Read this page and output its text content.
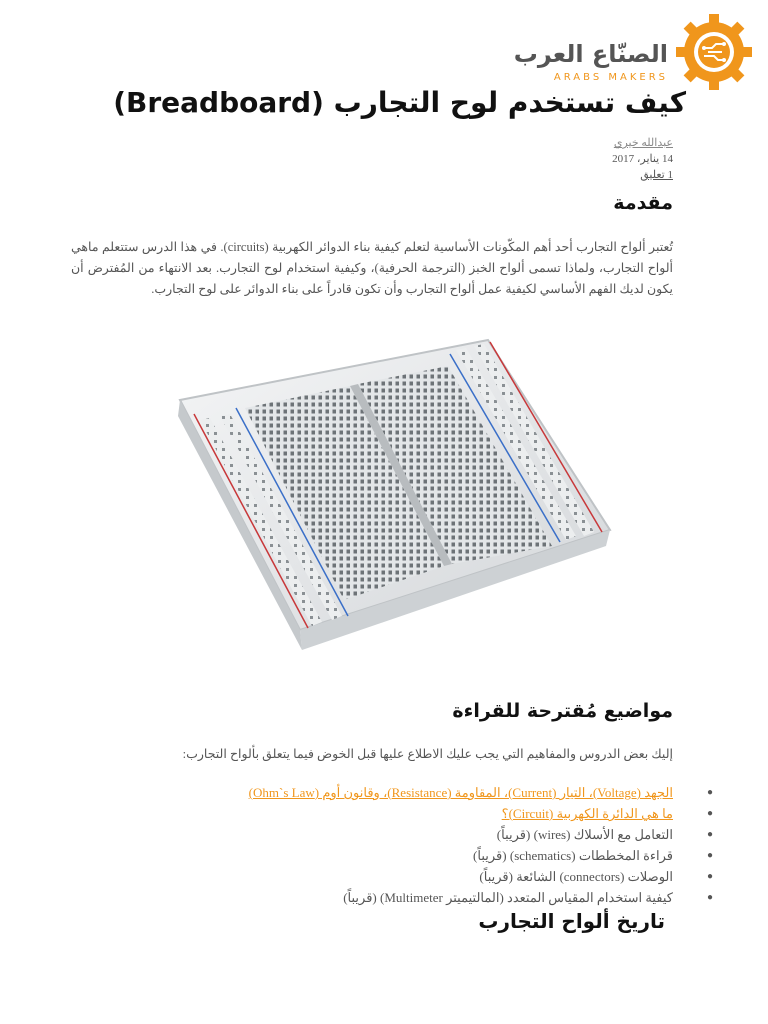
الصنّاع العرب
ARABS MAKERS
كيف تستخدم لوح التجارب (Breadboard)
عبدالله خيري
14 يناير، 2017
1 تعليق
مقدمة
تُعتبر ألواح التجارب أحد أهم المكّونات الأساسية لتعلم كيفية بناء الدوائر الكهربية (circuits). في هذا الدرس ستتعلم ماهي ألواح التجارب، ولماذا تسمى ألواح الخبز (الترجمة الحرفية)، وكيفية استخدام لوح التجارب. بعد الانتهاء من المُفترض أن يكون لديك الفهم الأساسي لكيفية عمل ألواح التجارب وأن تكون قادراً على بناء الدوائر على لوح التجارب.
مواضيع مُقترحة للقراءة
إليك بعض الدروس والمفاهيم التي يجب عليك الاطلاع عليها قبل الخوض فيما يتعلق بألواح التجارب:
●
الجهد (Voltage)، التيار (Current)، المقاومة (Resistance)، وقانون أوم (Ohm`s Law)
●
ما هي الدائرة الكهربية (Circuit)؟
●
التعامل مع الأسلاك (wires) (قريباً)
●
قراءة المخططات (schematics) (قريباً)
●
الوصلات (connectors) الشائعة (قريباً)
●
كيفية استخدام المقياس المتعدد (المالتيميتر Multimeter) (قريباً)
تاريخ ألواح التجارب
